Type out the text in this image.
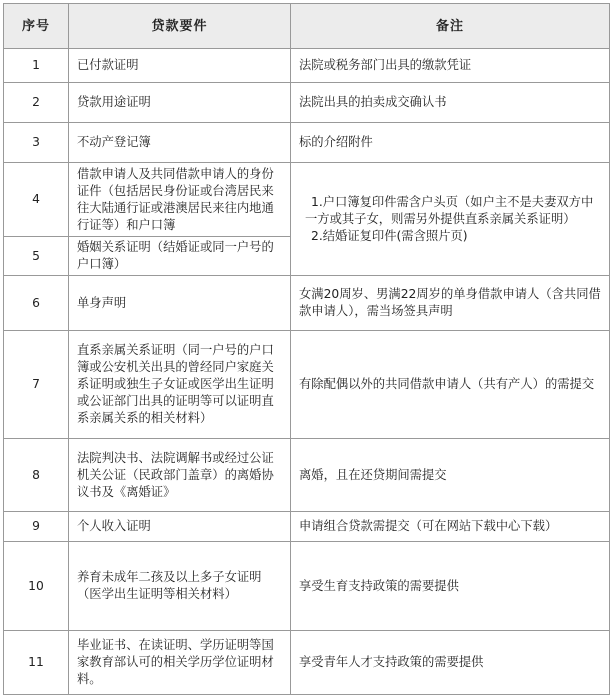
序号	贷款要件	备注
1	已付款证明	法院或税务部门出具的缴款凭证
2	贷款用途证明	法院出具的拍卖成交确认书
3	不动产登记簿	标的介绍附件
4	借款申请人及共同借款申请人的身份证件（包括居民身份证或台湾居民来往大陆通行证或港澳居民来往内地通行证等）和户口簿	1.户口簿复印件需含户头页（如户主不是夫妻双方中一方或其子女，则需另外提供直系亲属关系证明）
2.结婚证复印件(需含照片页)

5	婚姻关系证明（结婚证或同一户号的户口簿）	
6	单身声明	女满20周岁、男满22周岁的单身借款申请人（含共同借款申请人），需当场签具声明
7	直系亲属关系证明（同一户号的户口簿或公安机关出具的曾经同户家庭关系证明或独生子女证或医学出生证明或公证部门出具的证明等可以证明直系亲属关系的相关材料）	有除配偶以外的共同借款申请人（共有产人）的需提交
8	法院判决书、法院调解书或经过公证机关公证（民政部门盖章）的离婚协议书及《离婚证》	离婚，且在还贷期间需提交
9	个人收入证明	申请组合贷款需提交（可在网站下载中心下载）
10	养育未成年二孩及以上多子女证明（医学出生证明等相关材料）	享受生育支持政策的需要提供
11	毕业证书、在读证明、学历证明等国家教育部认可的相关学历学位证明材料。	享受青年人才支持政策的需要提供
